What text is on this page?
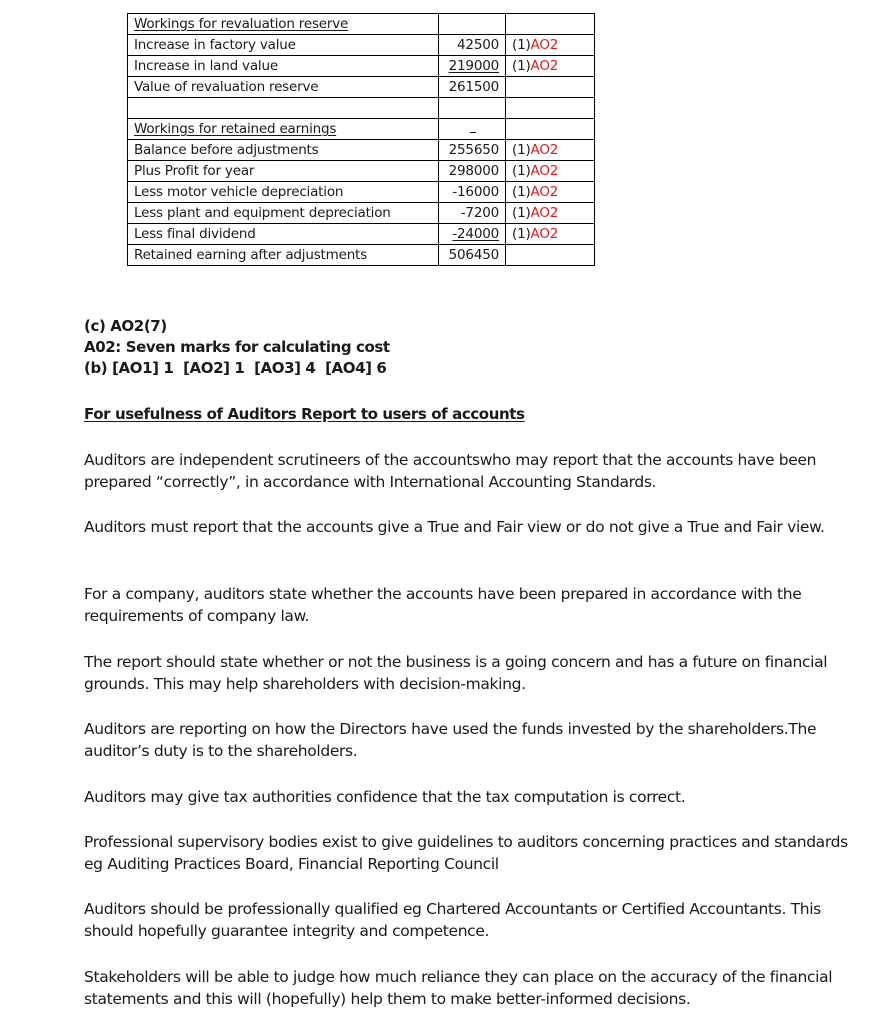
Workings for revaluation reserve		
Increase in factory value	42500	(1)AO2
Increase in land value	219000	(1)AO2
Value of revaluation reserve	261500	

Workings for retained earnings		
Balance before adjustments	255650	(1)AO2
Plus Profit for year	298000	(1)AO2
Less motor vehicle depreciation	-16000	(1)AO2
Less plant and equipment depreciation	-7200	(1)AO2
Less final dividend	-24000	(1)AO2
Retained earning after adjustments	506450	
(c) AO2(7)
A02: Seven marks for calculating cost
(b) [AO1] 1  [AO2] 1  [AO3] 4  [AO4] 6
For usefulness of Auditors Report to users of accounts
Auditors are independent scrutineers of the accountswho may report that the accounts have been prepared “correctly”, in accordance with International Accounting Standards.
Auditors must report that the accounts give a True and Fair view or do not give a True and Fair view.
For a company, auditors state whether the accounts have been prepared in accordance with the requirements of company law.
The report should state whether or not the business is a going concern and has a future on financial grounds. This may help shareholders with decision-making.
Auditors are reporting on how the Directors have used the funds invested by the shareholders.The auditor’s duty is to the shareholders.
Auditors may give tax authorities confidence that the tax computation is correct.
Professional supervisory bodies exist to give guidelines to auditors concerning practices and standards eg Auditing Practices Board, Financial Reporting Council
Auditors should be professionally qualified eg Chartered Accountants or Certified Accountants. This should hopefully guarantee integrity and competence.
Stakeholders will be able to judge how much reliance they can place on the accuracy of the financial statements and this will (hopefully) help them to make better-informed decisions.
